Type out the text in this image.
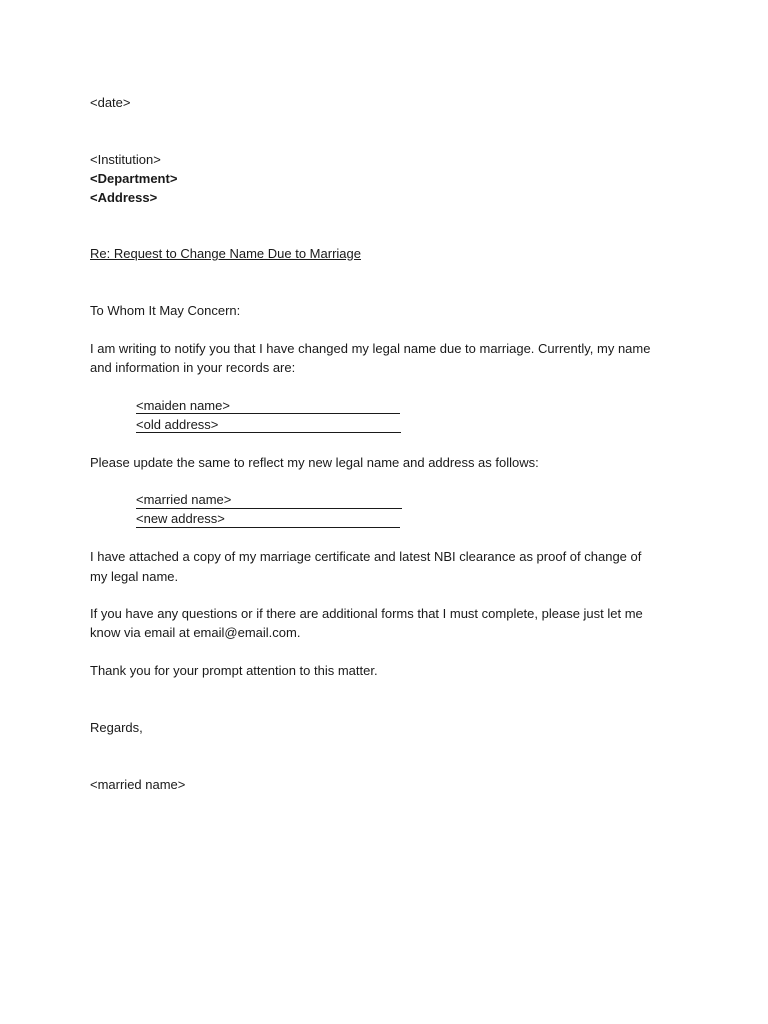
<date>
<Institution>
<Department>
<Address>
Re: Request to Change Name Due to Marriage
To Whom It May Concern:
I am writing to notify you that I have changed my legal name due to marriage. Currently, my name
and information in your records are:
<maiden name>
<old address>
Please update the same to reflect my new legal name and address as follows:
<married name>
<new address>
I have attached a copy of my marriage certificate and latest NBI clearance as proof of change of
my legal name.
If you have any questions or if there are additional forms that I must complete, please just let me
know via email at email@email.com.
Thank you for your prompt attention to this matter.
Regards,
<married name>
